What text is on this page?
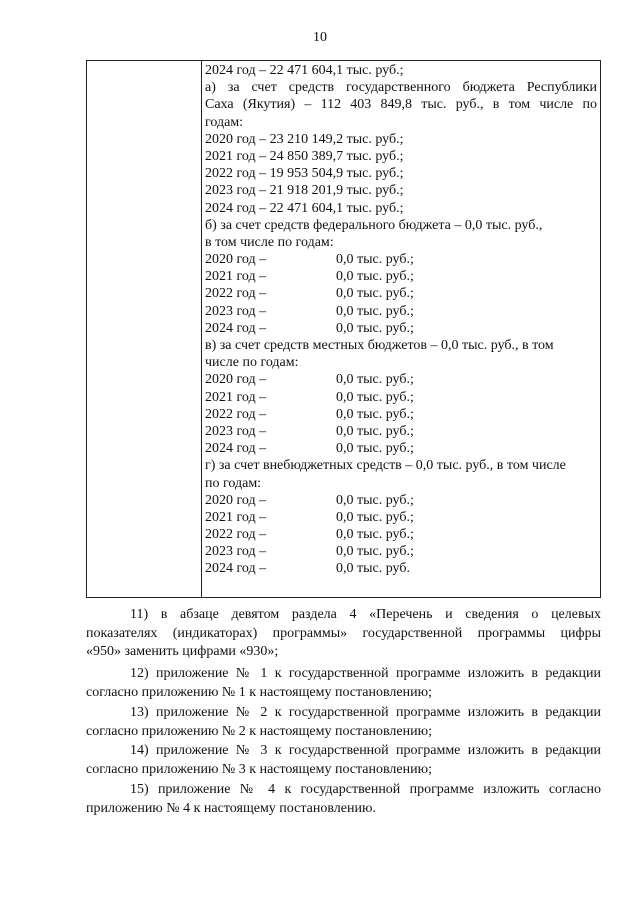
10
2024 год – 22 471 604,1 тыс. руб.;
а) за счет средств государственного бюджета Республики
Саха (Якутия) – 112 403 849,8 тыс. руб., в том числе по
годам:
2020 год – 23 210 149,2 тыс. руб.;
2021 год – 24 850 389,7 тыс. руб.;
2022 год – 19 953 504,9 тыс. руб.;
2023 год – 21 918 201,9 тыс. руб.;
2024 год – 22 471 604,1 тыс. руб.;
б) за счет средств федерального бюджета – 0,0 тыс. руб.,
в том числе по годам:
2020 год –	0,0 тыс. руб.;
2021 год –	0,0 тыс. руб.;
2022 год –	0,0 тыс. руб.;
2023 год –	0,0 тыс. руб.;
2024 год –	0,0 тыс. руб.;
в) за счет средств местных бюджетов – 0,0 тыс. руб., в том
числе по годам:
2020 год –	0,0 тыс. руб.;
2021 год –	0,0 тыс. руб.;
2022 год –	0,0 тыс. руб.;
2023 год –	0,0 тыс. руб.;
2024 год –	0,0 тыс. руб.;
г) за счет внебюджетных средств – 0,0 тыс. руб., в том числе
по годам:
2020 год –	0,0 тыс. руб.;
2021 год –	0,0 тыс. руб.;
2022 год –	0,0 тыс. руб.;
2023 год –	0,0 тыс. руб.;
2024 год –	0,0 тыс. руб.
11) в абзаце девятом раздела 4 «Перечень и сведения о целевых
показателях (индикаторах) программы» государственной программы цифры
«950» заменить цифрами «930»;
12) приложение № 1 к государственной программе изложить в редакции
согласно приложению № 1 к настоящему постановлению;
13) приложение № 2 к государственной программе изложить в редакции
согласно приложению № 2 к настоящему постановлению;
14) приложение № 3 к государственной программе изложить в редакции
согласно приложению № 3 к настоящему постановлению;
15) приложение № 4 к государственной программе изложить согласно
приложению № 4 к настоящему постановлению.
